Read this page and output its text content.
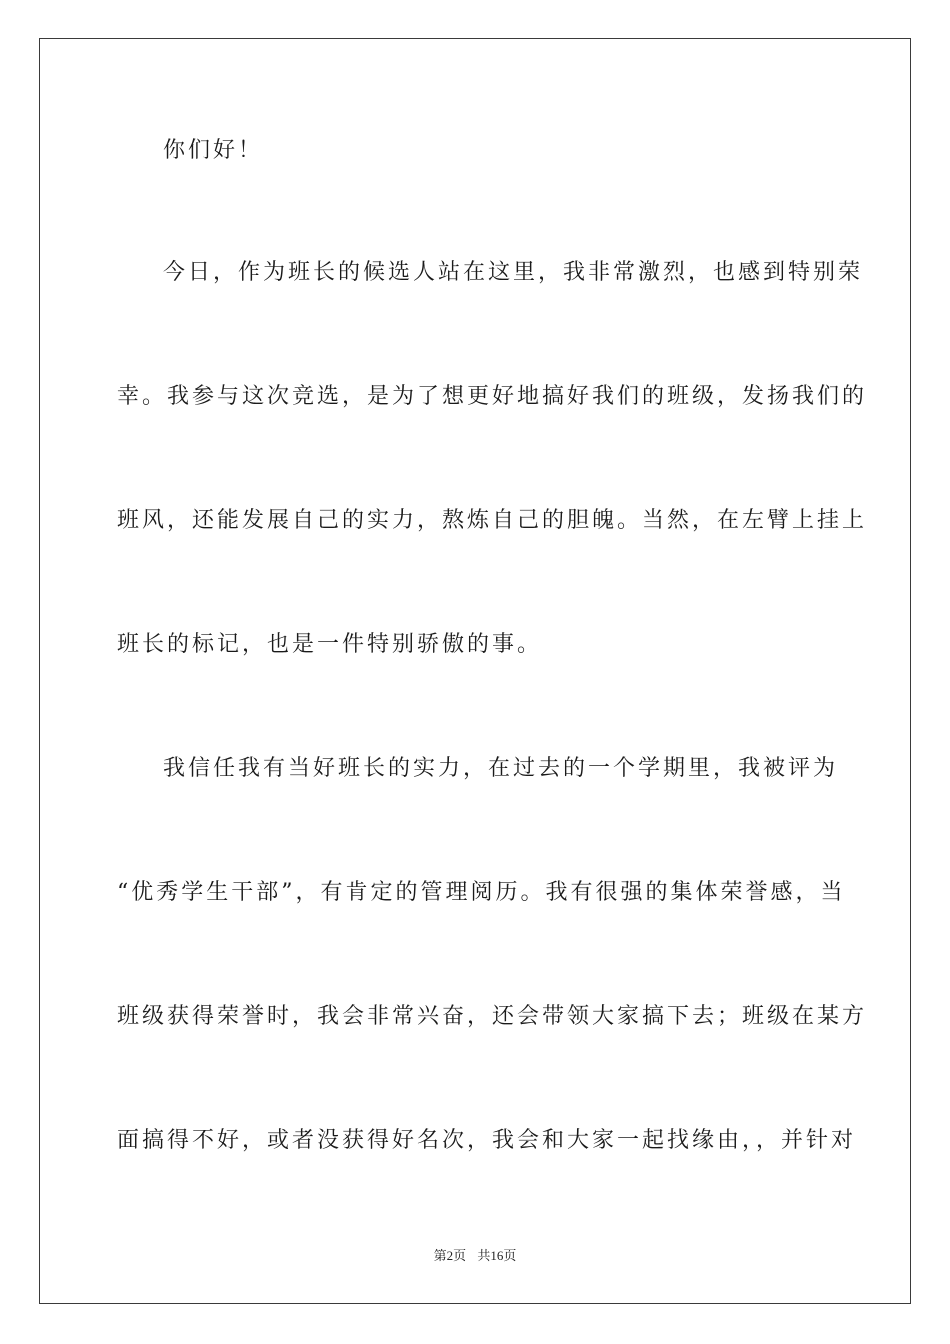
你们好！
今日，作为班长的候选人站在这里，我非常激烈，也感到特别荣
幸。我参与这次竞选，是为了想更好地搞好我们的班级，发扬我们的
班风，还能发展自己的实力，熬炼自己的胆魄。当然，在左臂上挂上
班长的标记，也是一件特别骄傲的事。
我信任我有当好班长的实力，在过去的一个学期里，我被评为
“优秀学生干部”，有肯定的管理阅历。我有很强的集体荣誉感，当
班级获得荣誉时，我会非常兴奋，还会带领大家搞下去；班级在某方
面搞得不好，或者没获得好名次，我会和大家一起找缘由，，并针对
第2页 共16页
